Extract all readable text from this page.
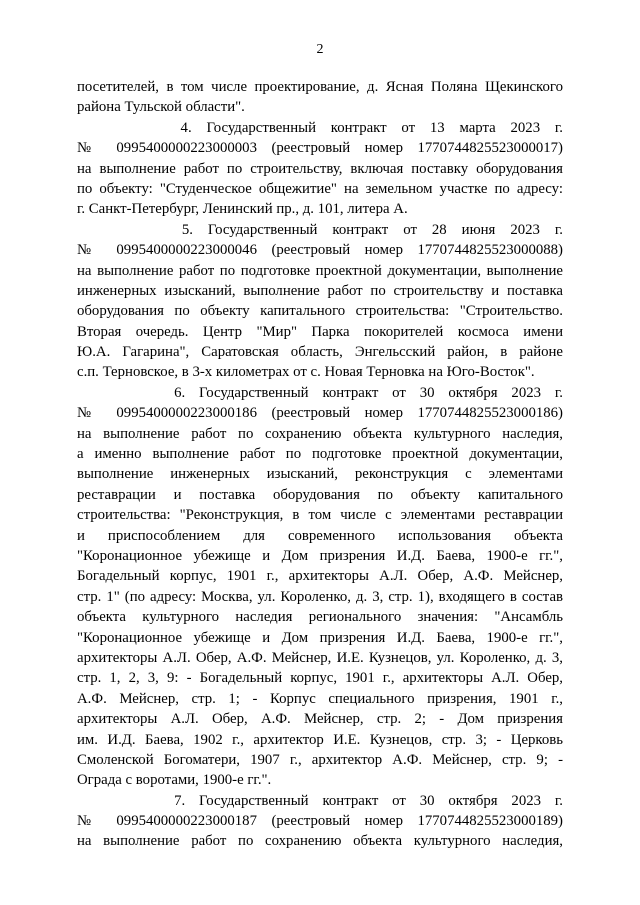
2
посетителей, в том числе проектирование, д. Ясная Поляна Щекинского
района Тульской области".
4. Государственный контракт от 13 марта 2023 г.
№ 0995400000223000003 (реестровый номер 1770744825523000017)
на выполнение работ по строительству, включая поставку оборудования
по объекту: "Студенческое общежитие" на земельном участке по адресу:
г. Санкт-Петербург, Ленинский пр., д. 101, литера А.
5. Государственный контракт от 28 июня 2023 г.
№ 0995400000223000046 (реестровый номер 1770744825523000088)
на выполнение работ по подготовке проектной документации, выполнение
инженерных изысканий, выполнение работ по строительству и поставка
оборудования по объекту капитального строительства: "Строительство.
Вторая очередь. Центр "Мир" Парка покорителей космоса имени
Ю.А. Гагарина", Саратовская область, Энгельсский район, в районе
с.п. Терновское, в 3-х километрах от с. Новая Терновка на Юго-Восток".
6. Государственный контракт от 30 октября 2023 г.
№ 0995400000223000186 (реестровый номер 1770744825523000186)
на выполнение работ по сохранению объекта культурного наследия,
а именно выполнение работ по подготовке проектной документации,
выполнение инженерных изысканий, реконструкция с элементами
реставрации и поставка оборудования по объекту капитального
строительства: "Реконструкция, в том числе с элементами реставрации
и приспособлением для современного использования объекта
"Коронационное убежище и Дом призрения И.Д. Баева, 1900-е гг.",
Богадельный корпус, 1901 г., архитекторы А.Л. Обер, А.Ф. Мейснер,
стр. 1" (по адресу: Москва, ул. Короленко, д. 3, стр. 1), входящего в состав
объекта культурного наследия регионального значения: "Ансамбль
"Коронационное убежище и Дом призрения И.Д. Баева, 1900-е гг.",
архитекторы А.Л. Обер, А.Ф. Мейснер, И.Е. Кузнецов, ул. Короленко, д. 3,
стр. 1, 2, 3, 9: - Богадельный корпус, 1901 г., архитекторы А.Л. Обер,
А.Ф. Мейснер, стр. 1; - Корпус специального призрения, 1901 г.,
архитекторы А.Л. Обер, А.Ф. Мейснер, стр. 2; - Дом призрения
им. И.Д. Баева, 1902 г., архитектор И.Е. Кузнецов, стр. 3; - Церковь
Смоленской Богоматери, 1907 г., архитектор А.Ф. Мейснер, стр. 9; -
Ограда с воротами, 1900-е гг.".
7. Государственный контракт от 30 октября 2023 г.
№ 0995400000223000187 (реестровый номер 1770744825523000189)
на выполнение работ по сохранению объекта культурного наследия,
